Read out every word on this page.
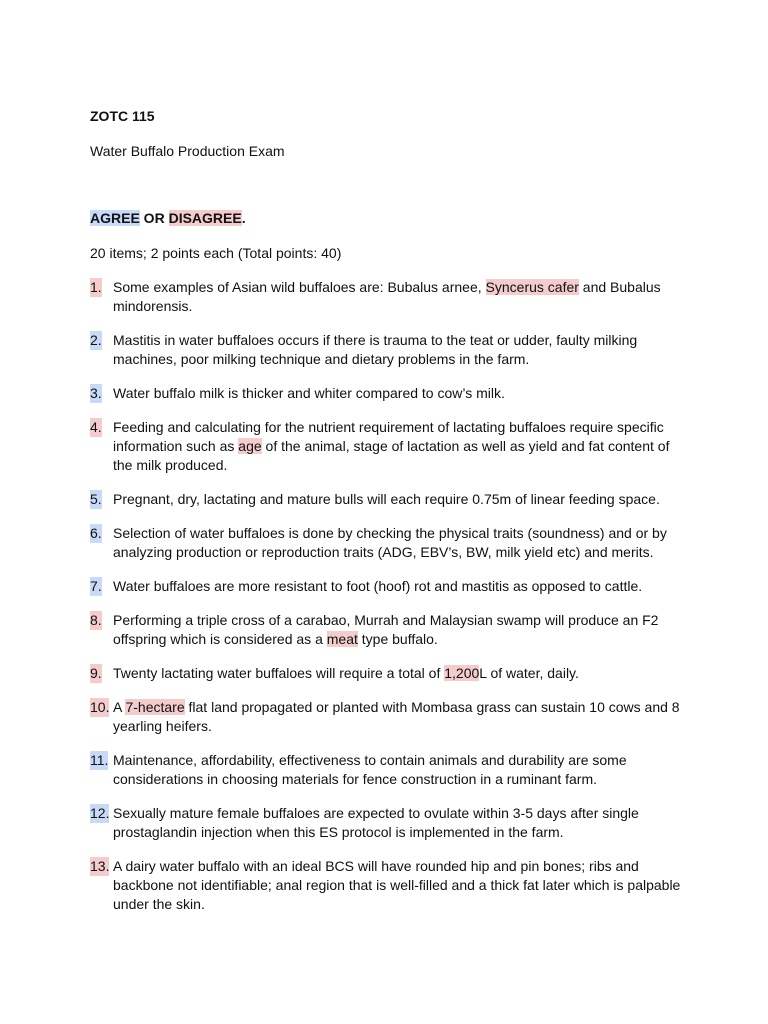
ZOTC 115
Water Buffalo Production Exam
AGREE OR DISAGREE.
20 items; 2 points each (Total points: 40)
1. Some examples of Asian wild buffaloes are: Bubalus arnee, Syncerus cafer and Bubalus mindorensis.
2. Mastitis in water buffaloes occurs if there is trauma to the teat or udder, faulty milking machines, poor milking technique and dietary problems in the farm.
3. Water buffalo milk is thicker and whiter compared to cow’s milk.
4. Feeding and calculating for the nutrient requirement of lactating buffaloes require specific information such as age of the animal, stage of lactation as well as yield and fat content of the milk produced.
5. Pregnant, dry, lactating and mature bulls will each require 0.75m of linear feeding space.
6. Selection of water buffaloes is done by checking the physical traits (soundness) and or by analyzing production or reproduction traits (ADG, EBV’s, BW, milk yield etc) and merits.
7. Water buffaloes are more resistant to foot (hoof) rot and mastitis as opposed to cattle.
8. Performing a triple cross of a carabao, Murrah and Malaysian swamp will produce an F2 offspring which is considered as a meat type buffalo.
9. Twenty lactating water buffaloes will require a total of 1,200L of water, daily.
10. A 7-hectare flat land propagated or planted with Mombasa grass can sustain 10 cows and 8 yearling heifers.
11. Maintenance, affordability, effectiveness to contain animals and durability are some considerations in choosing materials for fence construction in a ruminant farm.
12. Sexually mature female buffaloes are expected to ovulate within 3-5 days after single prostaglandin injection when this ES protocol is implemented in the farm.
13. A dairy water buffalo with an ideal BCS will have rounded hip and pin bones; ribs and backbone not identifiable; anal region that is well-filled and a thick fat later which is palpable under the skin.
